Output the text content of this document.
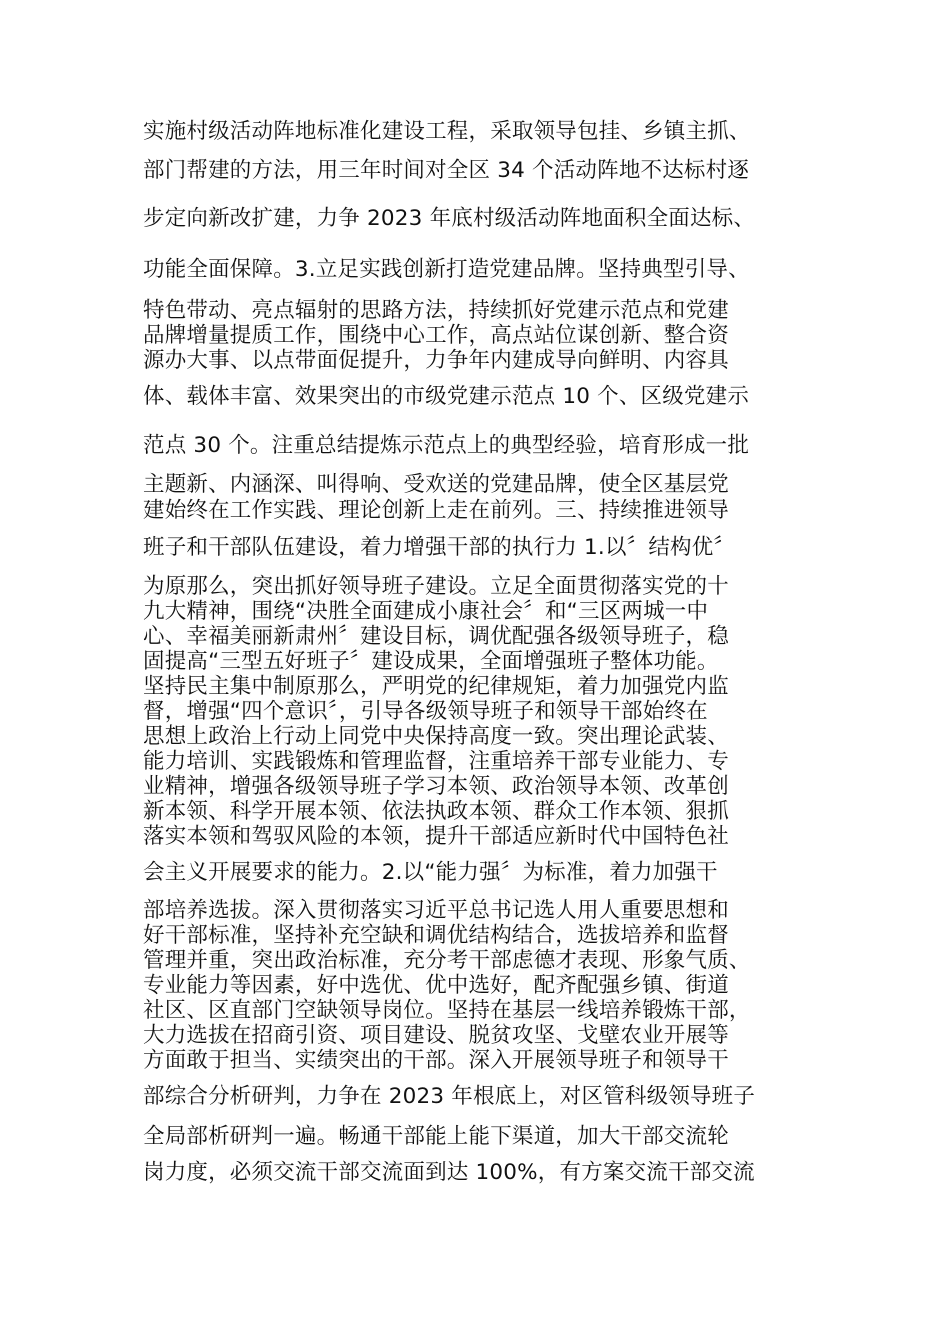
实施村级活动阵地标准化建设工程，采取领导包挂、乡镇主抓、
部门帮建的方法，用三年时间对全区 34 个活动阵地不达标村逐
步定向新改扩建，力争 2023 年底村级活动阵地面积全面达标、
功能全面保障。3.立足实践创新打造党建品牌。坚持典型引导、
特色带动、亮点辐射的思路方法，持续抓好党建示范点和党建
品牌增量提质工作，围绕中心工作，高点站位谋创新、整合资
源办大事、以点带面促提升，力争年内建成导向鲜明、内容具
体、载体丰富、效果突出的市级党建示范点 10 个、区级党建示
范点 30 个。注重总结提炼示范点上的典型经验，培育形成一批
主题新、内涵深、叫得响、受欢送的党建品牌，使全区基层党
建始终在工作实践、理论创新上走在前列。三、持续推进领导
班子和干部队伍建设，着力增强干部的执行力 1.以〞结构优〞
为原那么，突出抓好领导班子建设。立足全面贯彻落实党的十
九大精神，围绕“决胜全面建成小康社会〞和“三区两城一中
心、幸福美丽新肃州〞建设目标，调优配强各级领导班子，稳
固提高“三型五好班子〞建设成果，全面增强班子整体功能。
坚持民主集中制原那么，严明党的纪律规矩，着力加强党内监
督，增强“四个意识〞，引导各级领导班子和领导干部始终在
思想上政治上行动上同党中央保持高度一致。突出理论武装、
能力培训、实践锻炼和管理监督，注重培养干部专业能力、专
业精神，增强各级领导班子学习本领、政治领导本领、改革创
新本领、科学开展本领、依法执政本领、群众工作本领、狠抓
落实本领和驾驭风险的本领，提升干部适应新时代中国特色社
会主义开展要求的能力。2.以“能力强〞为标准，着力加强干
部培养选拔。深入贯彻落实习近平总书记选人用人重要思想和
好干部标准，坚持补充空缺和调优结构结合，选拔培养和监督
管理并重，突出政治标准，充分考干部虑德才表现、形象气质、
专业能力等因素，好中选优、优中选好，配齐配强乡镇、街道
社区、区直部门空缺领导岗位。坚持在基层一线培养锻炼干部，
大力选拔在招商引资、项目建设、脱贫攻坚、戈壁农业开展等
方面敢于担当、实绩突出的干部。深入开展领导班子和领导干
部综合分析研判，力争在 2023 年根底上，对区管科级领导班子
全局部析研判一遍。畅通干部能上能下渠道，加大干部交流轮
岗力度，必须交流干部交流面到达 100%，有方案交流干部交流
